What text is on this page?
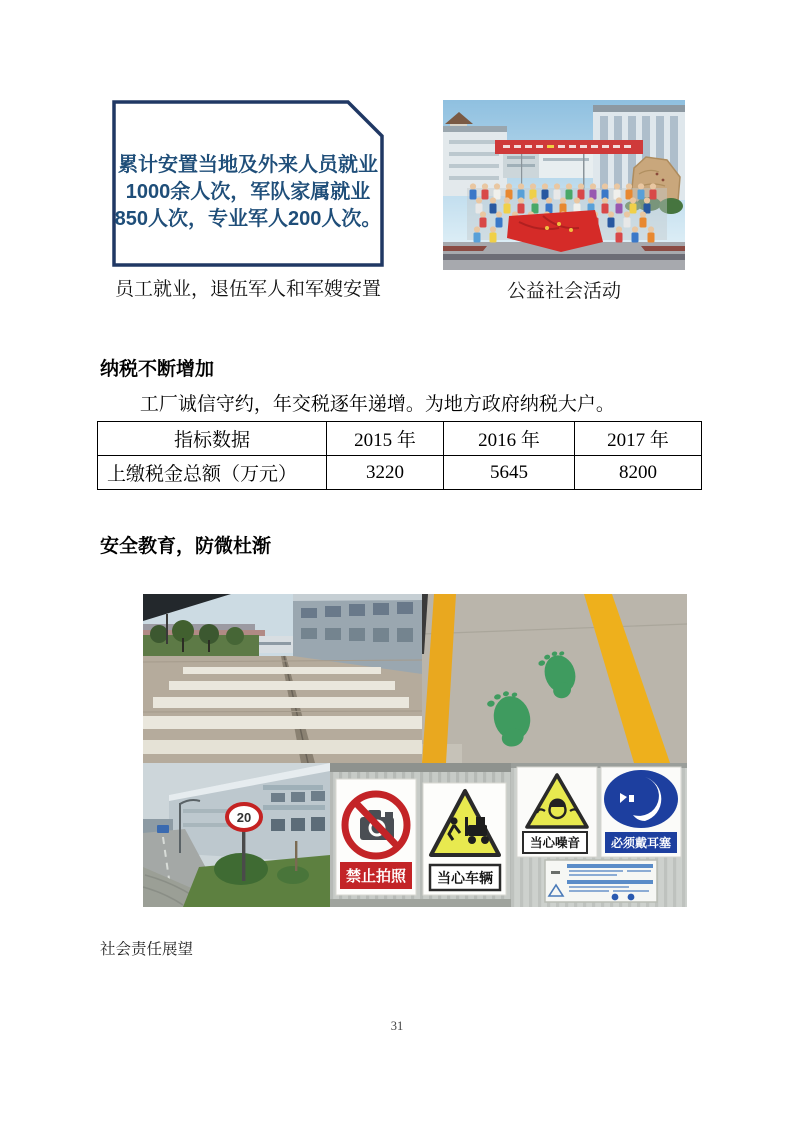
累计安置当地及外来人员就业
1000余人次，军队家属就业
850人次，专业军人200人次。
员工就业，退伍军人和军嫂安置	公益社会活动
纳税不断增加
工厂诚信守约，年交税逐年递增。为地方政府纳税大户。
指标数据	2015 年	2016 年	2017 年
上缴税金总额（万元）	3220	5645	8200
安全教育，防微杜渐
20
禁止拍照 当心车辆
当心噪音	必须戴耳塞
社会责任展望
31
